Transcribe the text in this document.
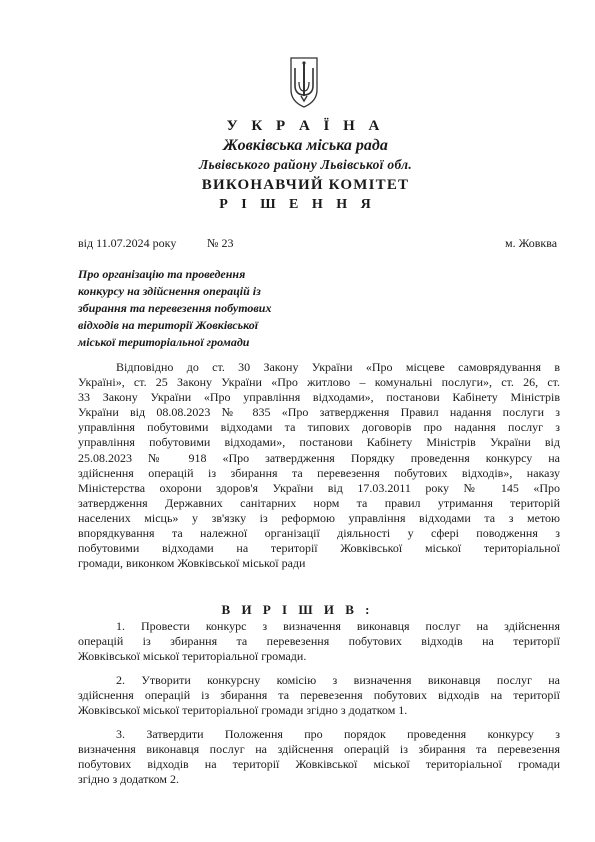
У К Р А Ї Н А
Жовківська міська рада
Львівського району Львівської обл.
ВИКОНАВЧИЙ КОМІТЕТ
Р І Ш Е Н Н Я
від 11.07.2024 року	№ 23	м. Жовква
Про організацію та проведення
конкурсу на здійснення операцій із
збирання та перевезення побутових
відходів на території Жовківської
міської територіальної громади
Відповідно до ст. 30 Закону України «Про місцеве самоврядування в
Україні», ст. 25 Закону України «Про житлово – комунальні послуги», ст. 26, ст.
33 Закону України «Про управління відходами», постанови Кабінету Міністрів
України від 08.08.2023 № 835 «Про затвердження Правил надання послуги з
управління побутовими відходами та типових договорів про надання послуг з
управління побутовими відходами», постанови Кабінету Міністрів України від
25.08.2023 № 918 «Про затвердження Порядку проведення конкурсу на
здійснення операцій із збирання та перевезення побутових відходів», наказу
Міністерства охорони здоров'я України від 17.03.2011 року № 145 «Про
затвердження Державних санітарних норм та правил утримання територій
населених місць» у зв'язку із реформою управління відходами та з метою
впорядкування та належної організації діяльності у сфері поводження з
побутовими відходами на території Жовківської міської територіальної
громади, виконком Жовківської міської ради
В И Р І Ш И В :
1. Провести конкурс з визначення виконавця послуг на здійснення
операцій із збирання та перевезення побутових відходів на території
Жовківської міської територіальної громади.
2. Утворити конкурсну комісію з визначення виконавця послуг на
здійснення операцій із збирання та перевезення побутових відходів на території
Жовківської міської територіальної громади згідно з додатком 1.
3. Затвердити Положення про порядок проведення конкурсу з
визначення виконавця послуг на здійснення операцій із збирання та перевезення
побутових відходів на території Жовківської міської територіальної громади
згідно з додатком 2.
